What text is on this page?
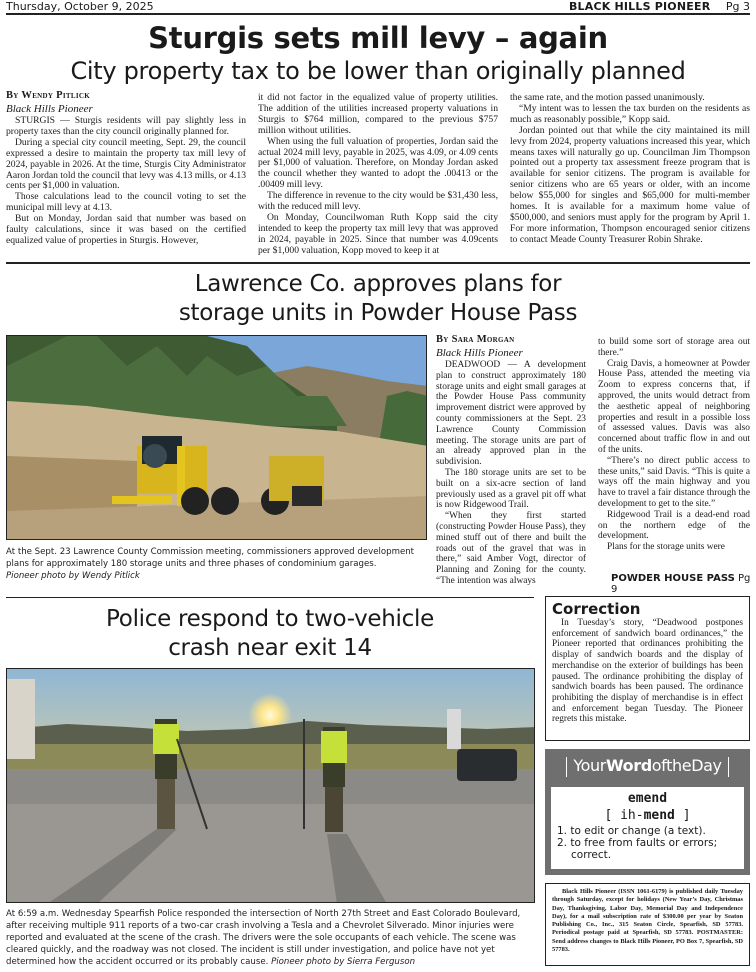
Thursday, October 9, 2025	BLACK HILLS PIONEER Pg 3
Sturgis sets mill levy – again
City property tax to be lower than originally planned

By Wendy Pitlick

Black Hills Pioneer

STURGIS — Sturgis residents will pay slightly less in property taxes than the city council originally planned for.

During a special city council meeting, Sept. 29, the council expressed a desire to maintain the property tax mill levy of 2024, payable in 2026. At the time, Sturgis City Administrator Aaron Jordan told the council that levy was 4.13 mills, or 4.13 cents per $1,000 in valuation.

Those calculations lead to the council voting to set the municipal mill levy at 4.13.

But on Monday, Jordan said that number was based on faulty calculations, since it was based on the certified equalized value of properties in Sturgis. However,

it did not factor in the equalized value of property utilities. The addition of the utilities increased property valuations in Sturgis to $764 million, compared to the previous $757 million without utilities.

When using the full valuation of properties, Jordan said the actual 2024 mill levy, payable in 2025, was 4.09, or 4.09 cents per $1,000 of valuation. Therefore, on Monday Jordan asked the council whether they wanted to adopt the .00413 or the .00409 mill levy.

The difference in revenue to the city would be $31,430 less, with the reduced mill levy.

On Monday, Councilwoman Ruth Kopp said the city intended to keep the property tax mill levy that was approved in 2024, payable in 2025. Since that number was 4.09cents per $1,000 valuation, Kopp moved to keep it at

the same rate, and the motion passed unanimously.

“My intent was to lessen the tax burden on the residents as much as reasonably possible,” Kopp said.

Jordan pointed out that while the city maintained its mill levy from 2024, property valuations increased this year, which means taxes will naturally go up. Councilman Jim Thompson pointed out a property tax assessment freeze program that is available for senior citizens. The program is available for senior citizens who are 65 years or older, with an income below $55,000 for singles and $65,000 for multi-member homes. It is available for a maximum home value of $500,000, and seniors must apply for the program by April 1. For more information, Thompson encouraged senior citizens to contact Meade County Treasurer Robin Shrake.

Lawrence Co. approves plans for
storage units in Powder House Pass
At the Sept. 23 Lawrence County Commission meeting, commissioners approved development plans for approximately 180 storage units and three phases of condominium garages.
Pioneer photo by Wendy Pitlick

By Sara Morgan

Black Hills Pioneer

DEADWOOD — A development plan to construct approximately 180 storage units and eight small garages at the Powder House Pass community improvement district were approved by county commissioners at the Sept. 23 Lawrence County Commission meeting. The storage units are part of an already approved plan in the subdivision.

The 180 storage units are set to be built on a six-acre section of land previously used as a gravel pit off what is now Ridgewood Trail.

“When they first started (constructing Powder House Pass), they mined stuff out of there and built the roads out of the gravel that was in there,” said Amber Vogt, director of Planning and Zoning for the county. “The intention was always

to build some sort of storage area out there.”

Craig Davis, a homeowner at Powder House Pass, attended the meeting via Zoom to express concerns that, if approved, the units would detract from the aesthetic appeal of neighboring properties and result in a possible loss of assessed values. Davis was also concerned about traffic flow in and out of the units.

“There’s no direct public access to these units,” said Davis. “This is quite a ways off the main highway and you have to travel a fair distance through the development to get to the site.”

Ridgewood Trail is a dead-end road on the northern edge of the development.

Plans for the storage units were

POWDER HOUSE PASS Pg 9
Police respond to two-vehicle
crash near exit 14
At 6:59 a.m. Wednesday Spearfish Police responded the intersection of North 27th Street and East Colorado Boulevard, after receiving multiple 911 reports of a two-car crash involving a Tesla and a Chevrolet Silverado. Minor injuries were reported and evaluated at the scene of the crash. The drivers were the sole occupants of each vehicle. The scene was cleared quickly, and the roadway was not closed. The incident is still under investigation, and police have not yet determined how the accident occurred or its probably cause. Pioneer photo by Sierra Ferguson
Correction

In Tuesday’s story, “Deadwood postpones enforcement of sandwich board ordinances,” the Pioneer reported that ordinances prohibiting the display of sandwich boards and the display of merchandise on the exterior of buildings has been paused. The ordinance prohibiting the display of sandwich boards has been paused. The ordinance prohibiting the display of merchandise is in effect and enforcement began Tuesday. The Pioneer regrets this mistake.

YourWordoftheDay
emend
[ ih-mend ]
1. to edit or change (a text).
2. to free from faults or errors; correct.

Black Hills Pioneer (ISSN 1061-6179) is published daily Tuesday through Saturday, except for holidays (New Year’s Day, Christmas Day, Thanksgiving, Labor Day, Memorial Day and Independence Day), for a mail subscription rate of $300.00 per year by Seaton Publishing Co., Inc., 315 Seaton Circle, Spearfish, SD 57783. Periodical postage paid at Spearfish, SD 57783. POSTMASTER: Send address changes to Black Hills Pioneer, PO Box 7, Spearfish, SD 57783.
